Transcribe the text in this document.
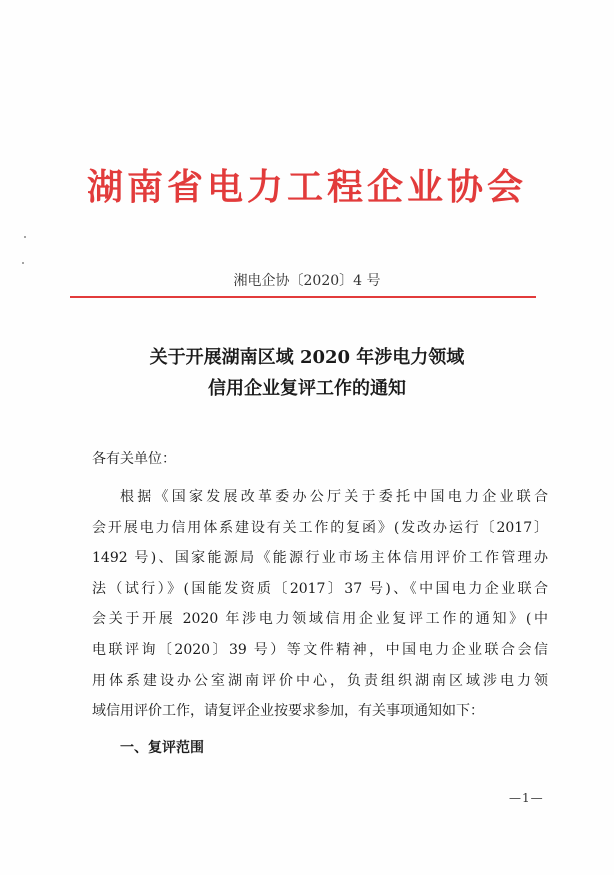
湖南省电力工程企业协会
湘电企协〔2020〕4 号
关于开展湖南区域 2020 年涉电力领域
信用企业复评工作的通知
各有关单位：
根据《国家发展改革委办公厅关于委托中国电力企业联合
会开展电力信用体系建设有关工作的复函》(发改办运行〔2017〕
1492 号)、国家能源局《能源行业市场主体信用评价工作管理办
法（试行）》(国能发资质〔2017〕37 号)、《中国电力企业联合
会关于开展 2020 年涉电力领域信用企业复评工作的通知》(中
电联评询〔2020〕39 号）等文件精神，中国电力企业联合会信
用体系建设办公室湖南评价中心，负责组织湖南区域涉电力领
域信用评价工作，请复评企业按要求参加，有关事项通知如下：
一、复评范围
—1—
